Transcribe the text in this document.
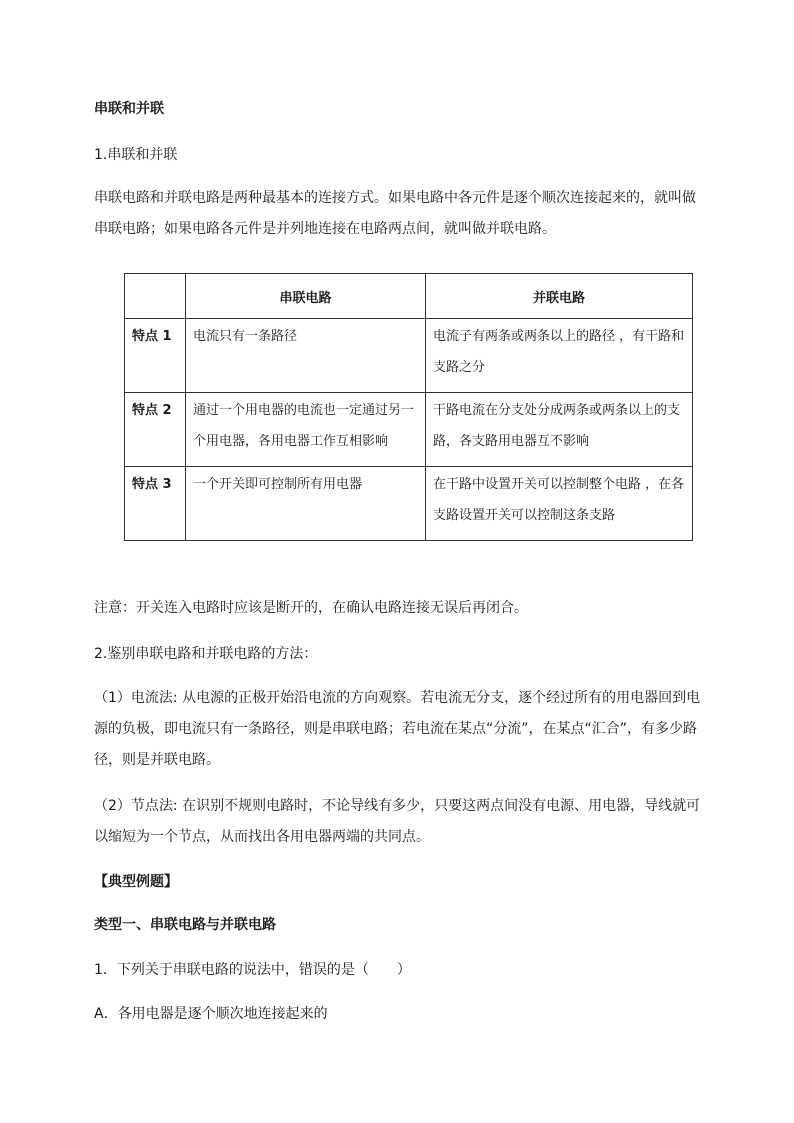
串联和并联
1.串联和并联
串联电路和并联电路是两种最基本的连接方式。如果电路中各元件是逐个顺次连接起来的，就叫做串联电路；如果电路各元件是并列地连接在电路两点间，就叫做并联电路。
	串联电路	并联电路
特点 1	电流只有一条路径	电流子有两条或两条以上的路径 ，有干路和支路之分
特点 2	通过一个用电器的电流也一定通过另一个用电器，各用电器工作互相影响	干路电流在分支处分成两条或两条以上的支路，各支路用电器互不影响
特点 3	一个开关即可控制所有用电器	在干路中设置开关可以控制整个电路 ，在各支路设置开关可以控制这条支路
注意：开关连入电路时应该是断开的，在确认电路连接无误后再闭合。
2.鉴别串联电路和并联电路的方法：
（1）电流法: 从电源的正极开始沿电流的方向观察。若电流无分支，逐个经过所有的用电器回到电源的负极，即电流只有一条路径，则是串联电路；若电流在某点“分流”，在某点“汇合”，有多少路径，则是并联电路。
（2）节点法: 在识别不规则电路时，不论导线有多少，只要这两点间没有电源、用电器，导线就可以缩短为一个节点，从而找出各用电器两端的共同点。
【典型例题】
类型一、串联电路与并联电路
1．下列关于串联电路的说法中，错误的是（　　）
A．各用电器是逐个顺次地连接起来的
